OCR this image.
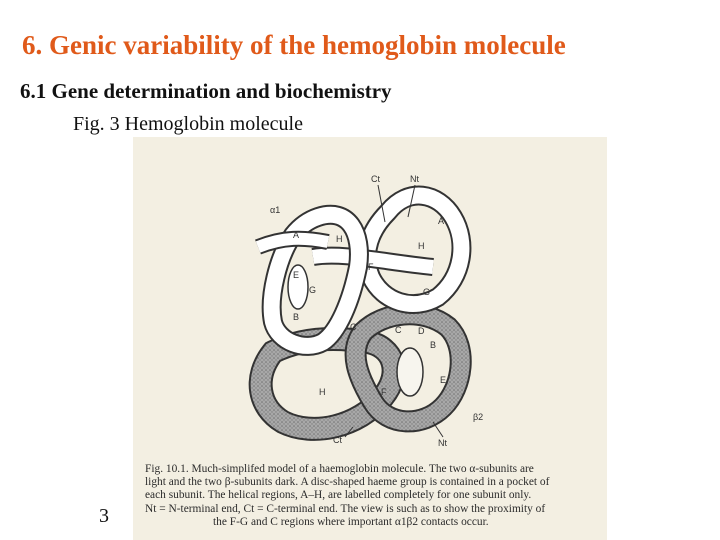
6. Genic variability of the hemoglobin molecule
6.1 Gene determination and biochemistry
Fig. 3 Hemoglobin molecule
Ct	Nt
α1
A
A	H
H
E
F
G	G
B
C	C D
B
E
F
H
β2
Ct	Nt
Fig. 10.1. Much-simplifed model of a haemoglobin molecule. The two α-subunits are
light and the two β-subunits dark. A disc-shaped haeme group is contained in a pocket of
each subunit. The helical regions, A–H, are labelled completely for one subunit only.
Nt = N-terminal end, Ct = C-terminal end. The view is such as to show the proximity of
the F-G and C regions where important α1β2 contacts occur.
3
